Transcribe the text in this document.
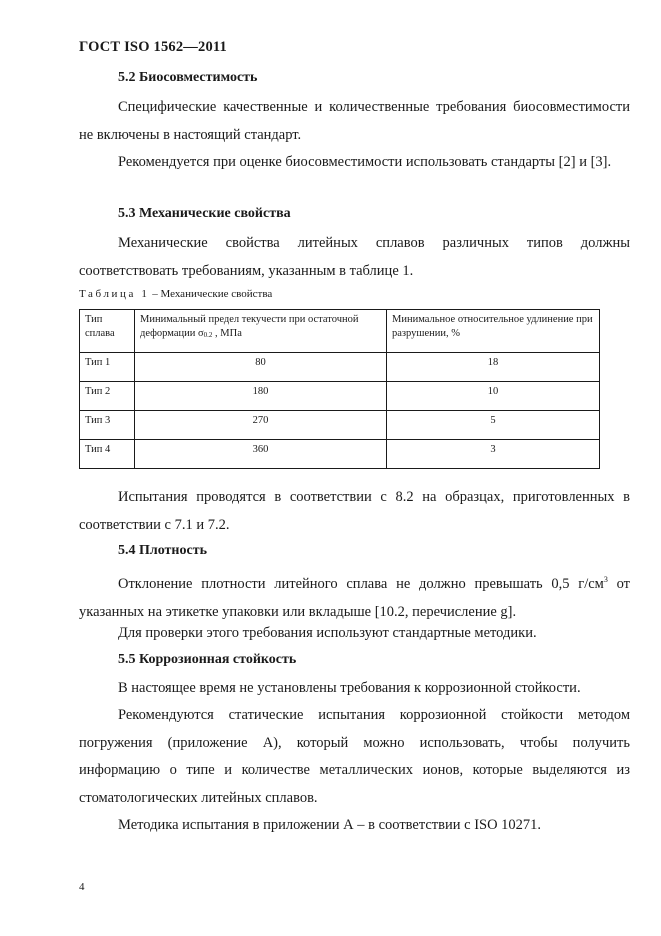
ГОСТ ISO 1562—2011
5.2 Биосовместимость

Специфические качественные и количественные требования биосовместимости не включены в настоящий стандарт.

Рекомендуется при оценке биосовместимости использовать стандарты [2] и [3].

5.3 Механические свойства

Механические свойства литейных сплавов различных типов должны соответствовать требованиям, указанным в таблице 1.

Таблица 1 – Механические свойства
Тип сплава	Минимальный предел текучести при остаточной деформации σ0.2 , МПа	Минимальное относительное удлинение при разрушении, %
Тип 1	80	18
Тип 2	180	10
Тип 3	270	5
Тип 4	360	3

Испытания проводятся в соответствии с 8.2 на образцах, приготовленных в соответствии с 7.1 и 7.2.

5.4 Плотность

Отклонение плотности литейного сплава не должно превышать 0,5 $г/см^3$ от указанных на этикетке упаковки или вкладыше [10.2, перечисление g].

Для проверки этого требования используют стандартные методики.

5.5 Коррозионная стойкость

В настоящее время не установлены требования к коррозионной стойкости.

Рекомендуются статические испытания коррозионной стойкости методом погружения (приложение А), который можно использовать, чтобы получить информацию о типе и количестве металлических ионов, которые выделяются из стоматологических литейных сплавов.

Методика испытания в приложении А – в соответствии с ISO 10271.

4
